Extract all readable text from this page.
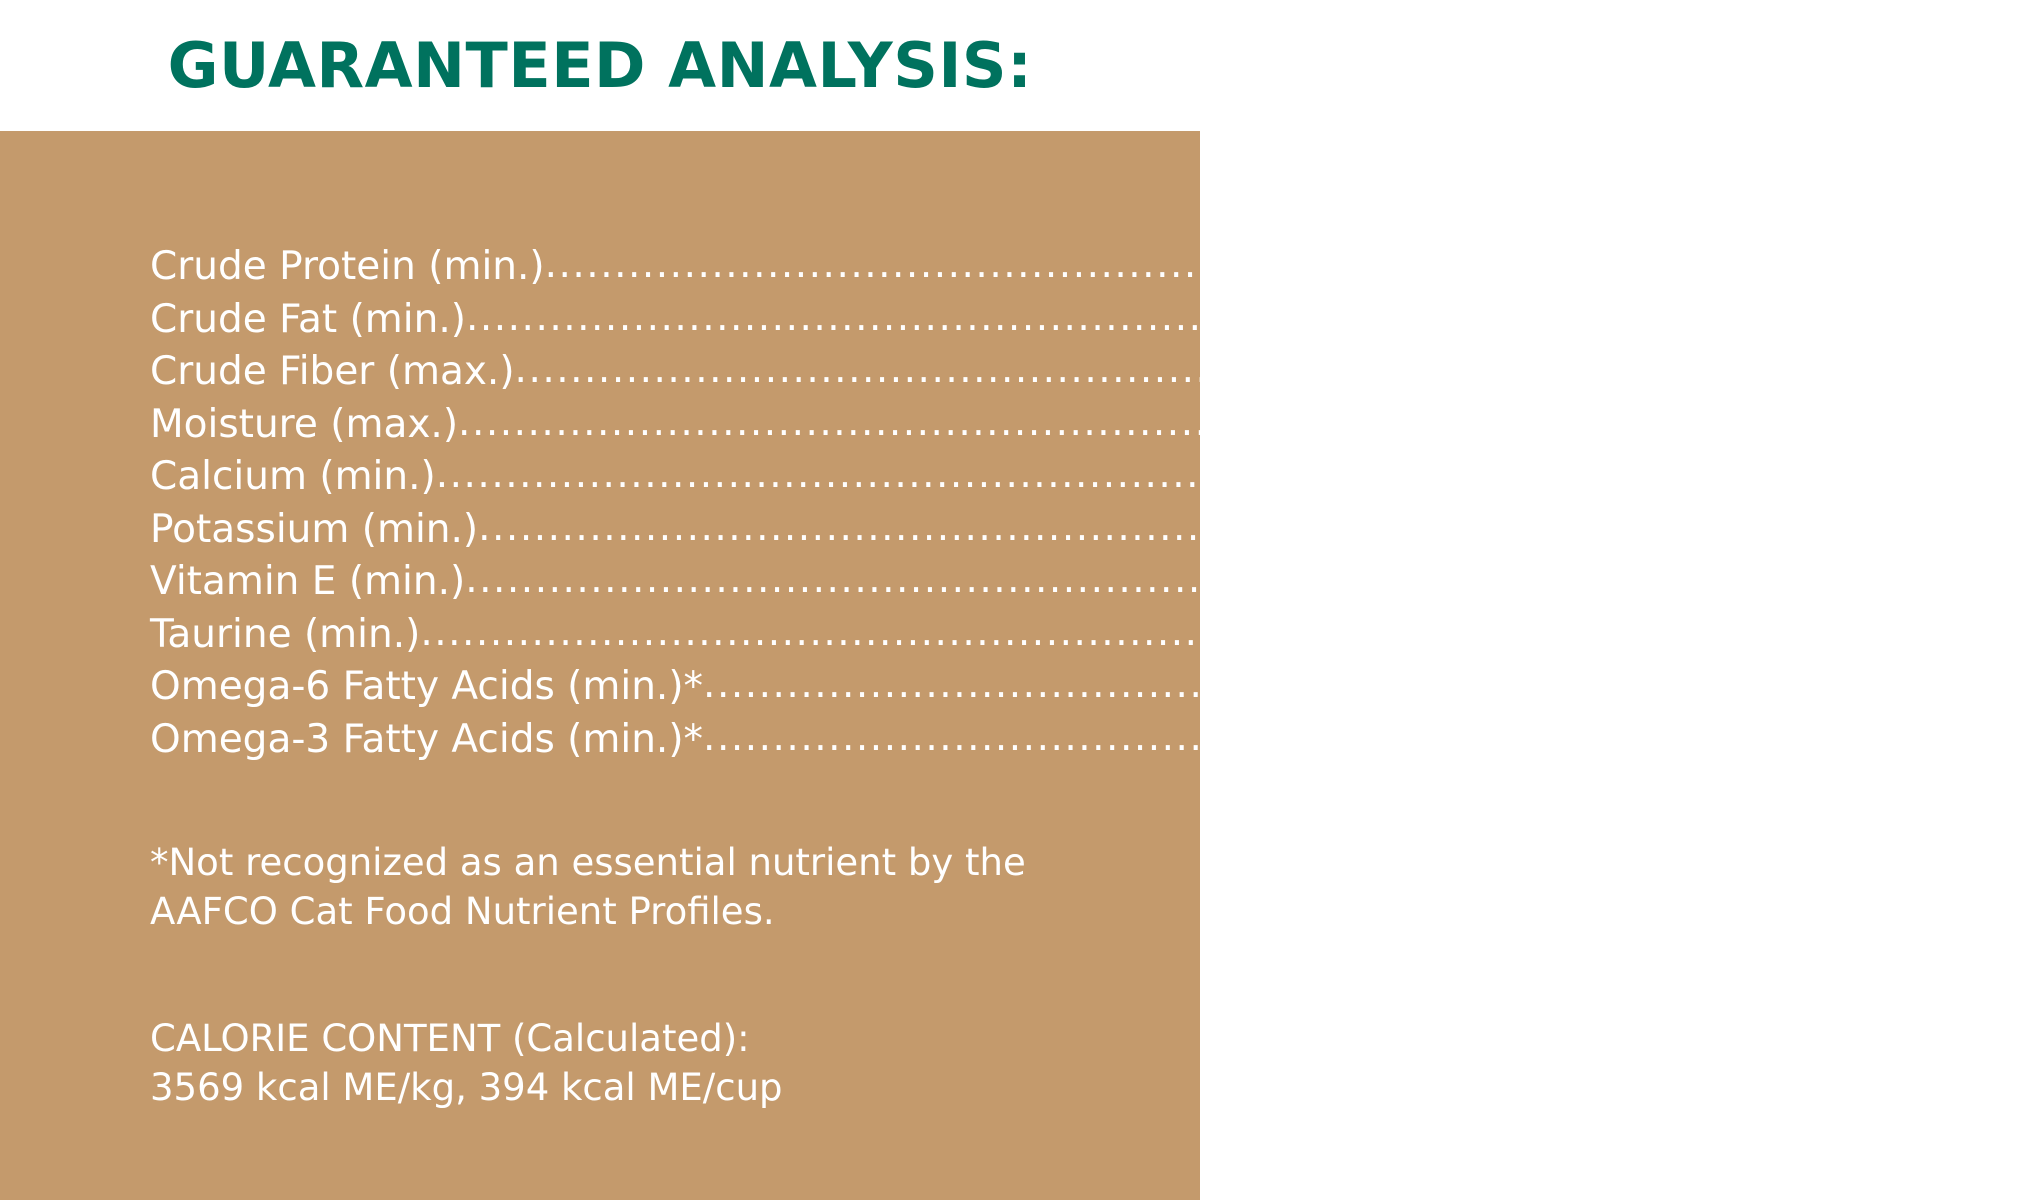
GUARANTEED ANALYSIS:
Crude Protein (min.) ....................................................................................... 39.0%
Crude Fat (min.) ....................................................................................... 16.0%
Crude Fiber (max.) ....................................................................................... 6.6%
Moisture (max.) ....................................................................................... 10.0%
Calcium (min.) ....................................................................................... 1.10%
Potassium (min.) ....................................................................................... 0.80%
Vitamin E (min.) ....................................................................................... 140 IU/kg
Taurine (min.) ....................................................................................... 0.15%
Omega-6 Fatty Acids (min.)* ....................................................................................... 3.0%
Omega-3 Fatty Acids (min.)* ....................................................................................... 0.60%

*Not recognized as an essential nutrient by the AAFCO Cat Food Nutrient Profiles.

CALORIE CONTENT (Calculated):
3569 kcal ME/kg, 394 kcal ME/cup
